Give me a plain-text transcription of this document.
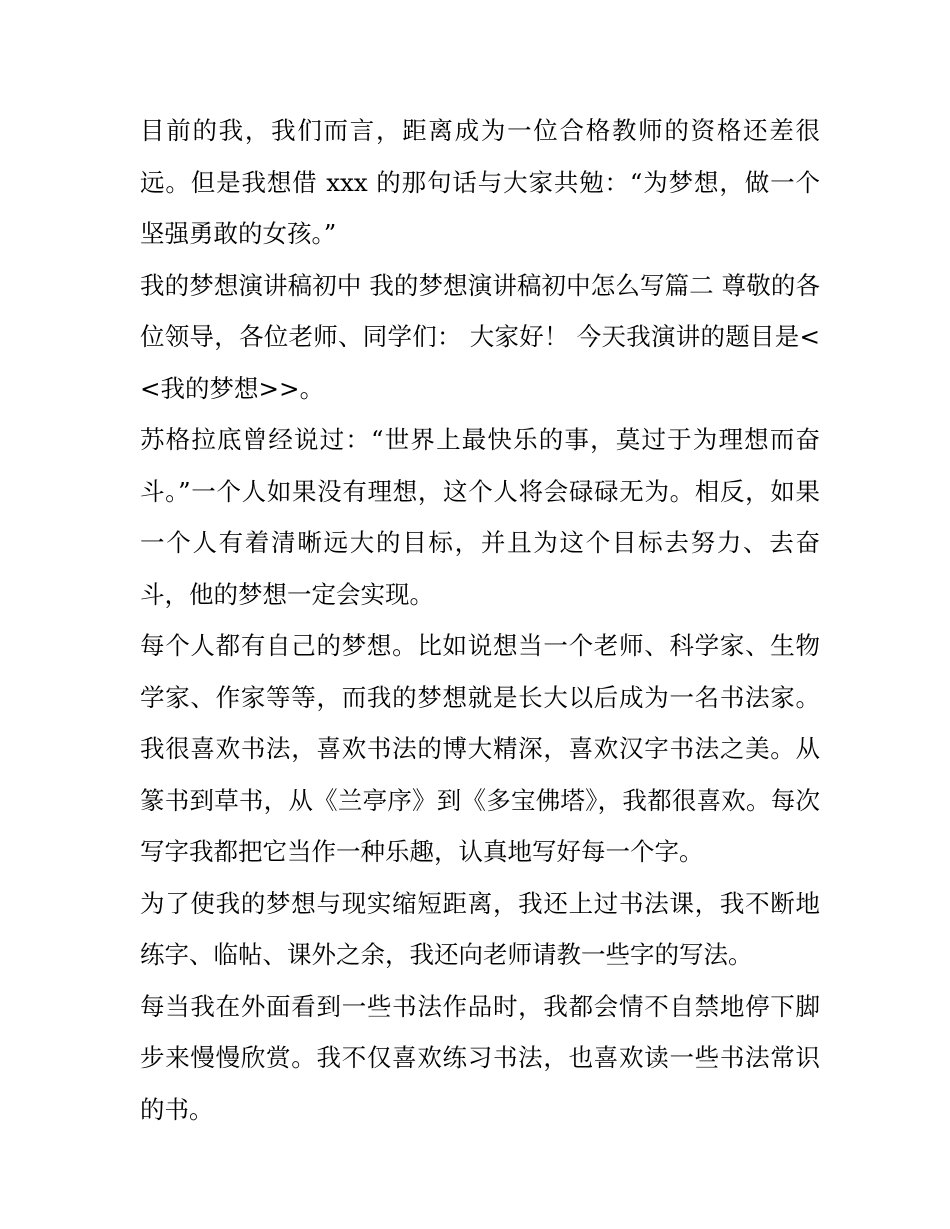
目前的我，我们而言，距离成为一位合格教师的资格还差很远。但是我想借 xxx 的那句话与大家共勉：“为梦想，做一个坚强勇敢的女孩。”

我的梦想演讲稿初中 我的梦想演讲稿初中怎么写篇二 尊敬的各位领导，各位老师、同学们： 大家好！ 今天我演讲的题目是<<我的梦想>>。

苏格拉底曾经说过：“世界上最快乐的事，莫过于为理想而奋斗。”一个人如果没有理想，这个人将会碌碌无为。相反，如果一个人有着清晰远大的目标，并且为这个目标去努力、去奋斗，他的梦想一定会实现。

每个人都有自己的梦想。比如说想当一个老师、科学家、生物学家、作家等等，而我的梦想就是长大以后成为一名书法家。我很喜欢书法，喜欢书法的博大精深，喜欢汉字书法之美。从篆书到草书，从《兰亭序》到《多宝佛塔》，我都很喜欢。每次写字我都把它当作一种乐趣，认真地写好每一个字。

为了使我的梦想与现实缩短距离，我还上过书法课，我不断地练字、临帖、课外之余，我还向老师请教一些字的写法。

每当我在外面看到一些书法作品时，我都会情不自禁地停下脚步来慢慢欣赏。我不仅喜欢练习书法，也喜欢读一些书法常识的书。
